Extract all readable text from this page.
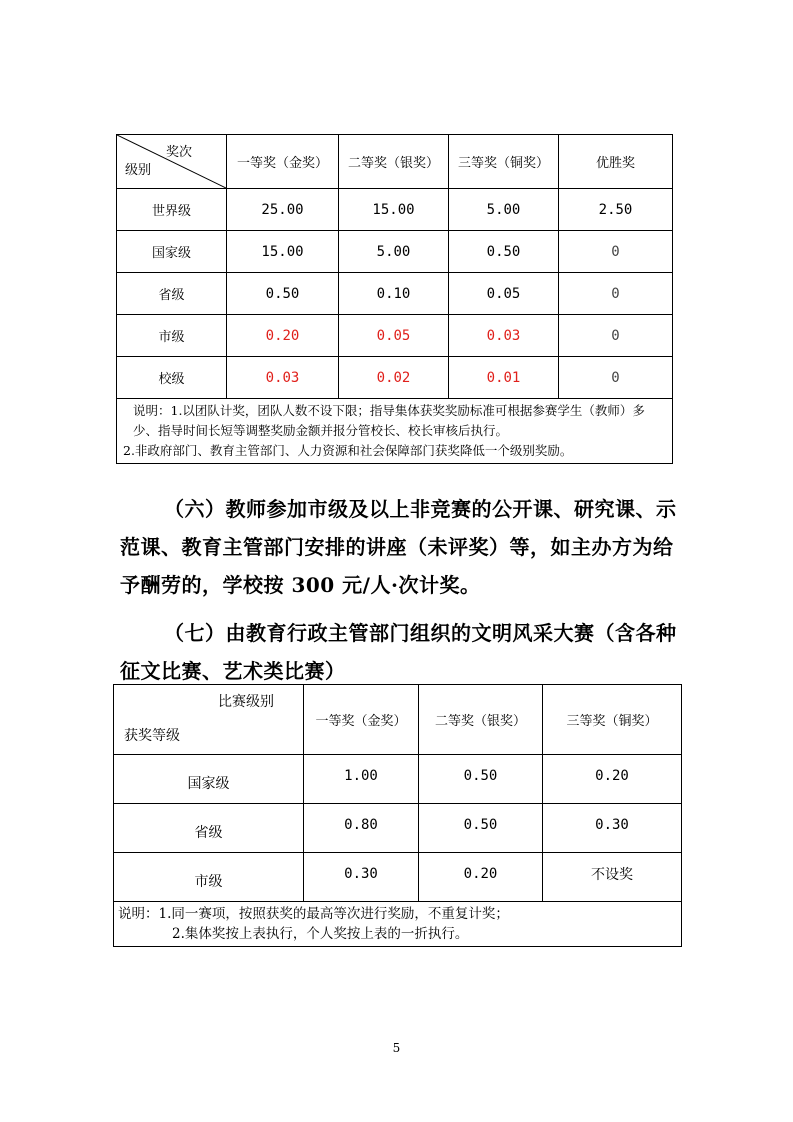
奖次
级别	一等奖（金奖）	二等奖（银奖）	三等奖（铜奖）	优胜奖
世界级	25.00	15.00	5.00	2.50
国家级	15.00	5.00	0.50	0
省级	0.50	0.10	0.05	0
市级	0.20	0.05	0.03	0
校级	0.03	0.02	0.01	0
说明：1.以团队计奖，团队人数不设下限；指导集体获奖奖励标准可根据参赛学生（教师）多少、指导时间长短等调整奖励金额并报分管校长、校长审核后执行。
2.非政府部门、教育主管部门、人力资源和社会保障部门获奖降低一个级别奖励。				
（六）教师参加市级及以上非竞赛的公开课、研究课、示范课、教育主管部门安排的讲座（未评奖）等，如主办方为给予酬劳的，学校按 300 元/人·次计奖。
（七）由教育行政主管部门组织的文明风采大赛（含各种征文比赛、艺术类比赛）
比赛级别
获奖等级	一等奖（金奖）	二等奖（银奖）	三等奖（铜奖）
国家级	1.00	0.50	0.20
省级	0.80	0.50	0.30
市级	0.30	0.20	不设奖
说明：1.同一赛项，按照获奖的最高等次进行奖励，不重复计奖；
2.集体奖按上表执行，个人奖按上表的一折执行。			
5
